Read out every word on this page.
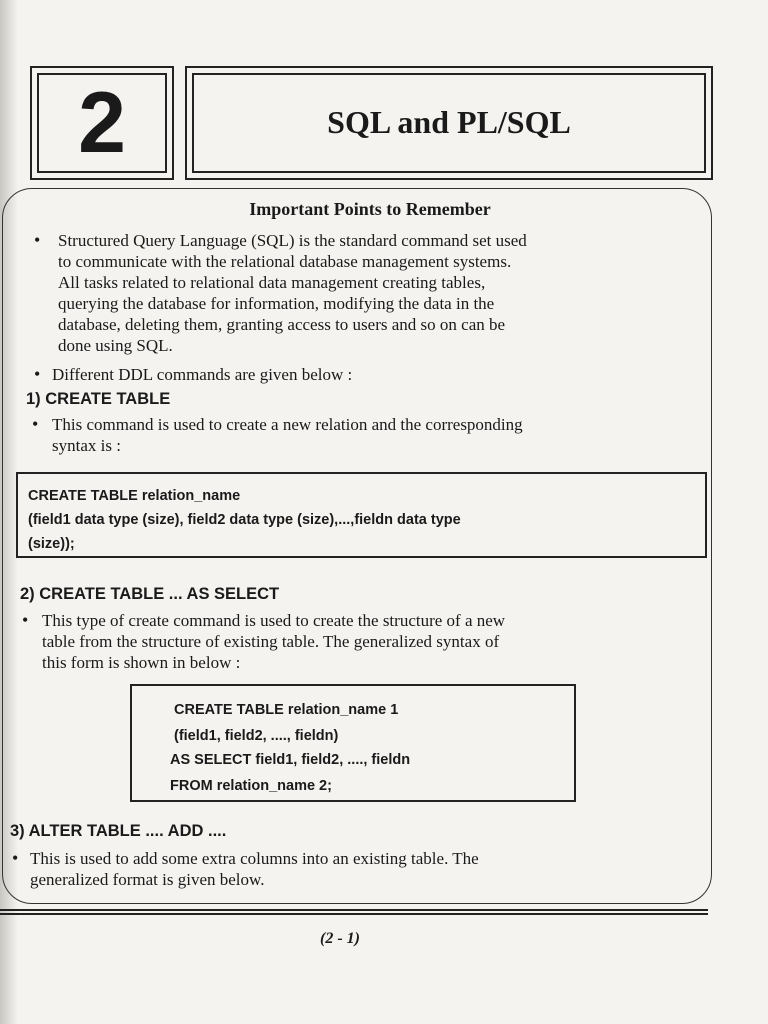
2	SQL and PL/SQL
Important Points to Remember
• Structured Query Language (SQL) is the standard command set used
to communicate with the relational database management systems.
All tasks related to relational data management creating tables,
querying the database for information, modifying the data in the
database, deleting them, granting access to users and so on can be
done using SQL.
• Different DDL commands are given below :
1) CREATE TABLE
• This command is used to create a new relation and the corresponding
syntax is :
CREATE TABLE relation_name
(field1 data type (size), field2 data type (size),...,fieldn data type
(size));
2) CREATE TABLE ... AS SELECT
• This type of create command is used to create the structure of a new
table from the structure of existing table. The generalized syntax of
this form is shown in below :
CREATE TABLE relation_name 1
(field1, field2, ...., fieldn)
AS SELECT field1, field2, ...., fieldn
FROM relation_name 2;
3) ALTER TABLE .... ADD ....
• This is used to add some extra columns into an existing table. The
generalized format is given below.
(2 - 1)
